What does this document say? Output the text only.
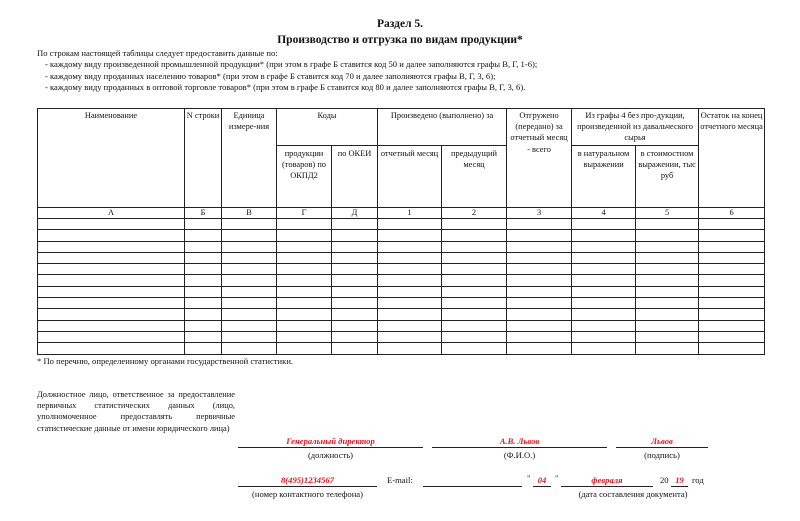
Раздел 5.
Производство и отгрузка по видам продукции*
По строкам настоящей таблицы следует предоставить данные по:
- каждому виду произведенной промышленной продукции* (при этом в графе Б ставится код 50 и далее заполняются графы В, Г, 1-6);
- каждому виду проданных населению товаров* (при этом в графе Б ставится код 70 и далее заполняются графы В, Г, 3, 6);
- каждому виду проданных в оптовой торговле товаров* (при этом в графе Б ставится код 80 и далее заполняются графы В, Г, 3, 6).
Наименование	N строки	Единица измере-ния	Коды		Произведено (выполнено) за		Отгружено (передано) за отчетный месяц - всего	Из графы 4 без про-дукции, произведенной из давальческого сырья		Остаток на конец отчетного месяца
			продукции (товаров) по ОКПД2	по ОКЕИ	отчетный месяц	предыдущий месяц		в натуральном выражении	в стоимостном выражении, тыс руб	
А	Б	В	Г	Д	1	2	3	4	5	6

* По перечню, определенному органами государственной статистики.
Должностное лицо, ответственное за предоставление первичных статистических данных (лицо, уполномоченное предоставлять первичные статистические данные от имени юридического лица)
Генеральный директор
(должность)
А.В. Львов
(Ф.И.О.)
Львов
(подпись)
8(495)1234567
(номер контактного телефона)
E-mail:	" 04	"	февраля	20 19 год
(дата составления документа)
